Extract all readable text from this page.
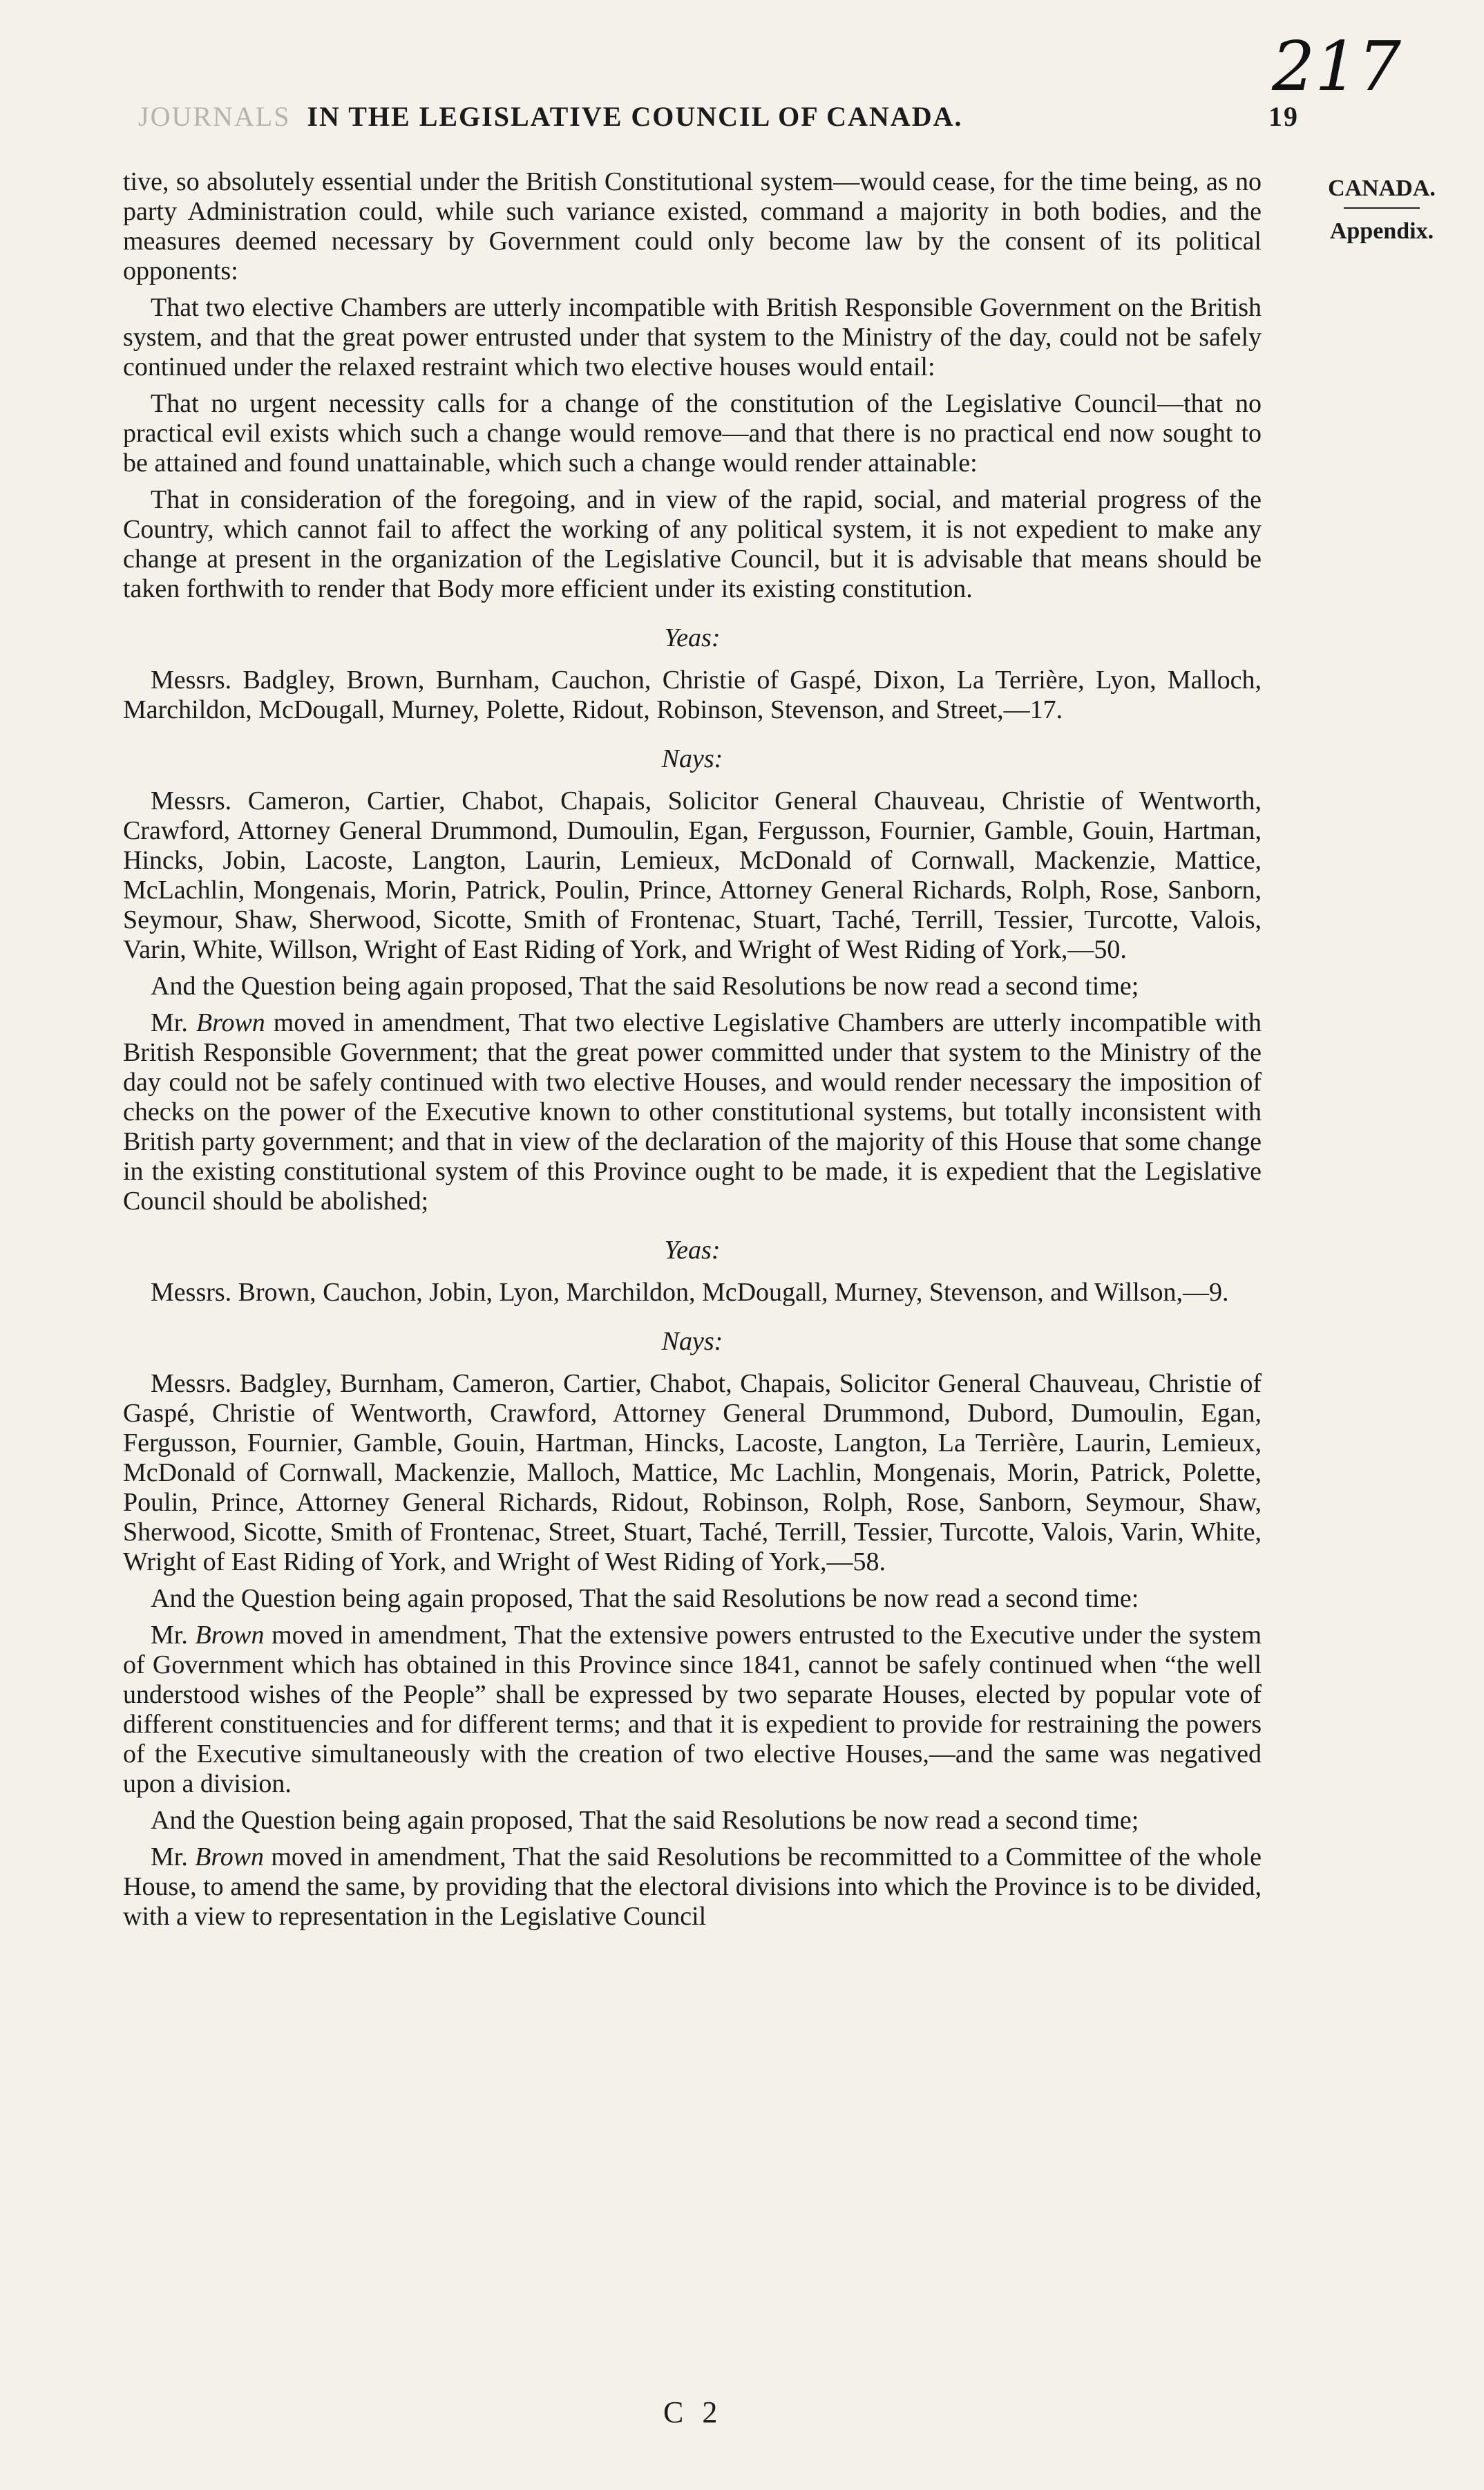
217
JOURNALS IN THE LEGISLATIVE COUNCIL OF CANADA.	19
CANADA.
Appendix.

tive, so absolutely essential under the British Constitutional system—would cease, for the time being, as no party Administration could, while such variance existed, command a majority in both bodies, and the measures deemed necessary by Government could only become law by the consent of its political opponents:

That two elective Chambers are utterly incompatible with British Responsible Government on the British system, and that the great power entrusted under that system to the Ministry of the day, could not be safely continued under the relaxed restraint which two elective houses would entail:

That no urgent necessity calls for a change of the constitution of the Legislative Council—that no practical evil exists which such a change would remove—and that there is no practical end now sought to be attained and found unattainable, which such a change would render attainable:

That in consideration of the foregoing, and in view of the rapid, social, and material progress of the Country, which cannot fail to affect the working of any political system, it is not expedient to make any change at present in the organization of the Legislative Council, but it is advisable that means should be taken forthwith to render that Body more efficient under its existing constitution.

Yeas:

Messrs. Badgley, Brown, Burnham, Cauchon, Christie of Gaspé, Dixon, La Terrière, Lyon, Malloch, Marchildon, McDougall, Murney, Polette, Ridout, Robinson, Stevenson, and Street,—17.

Nays:

Messrs. Cameron, Cartier, Chabot, Chapais, Solicitor General Chauveau, Christie of Wentworth, Crawford, Attorney General Drummond, Dumoulin, Egan, Fergusson, Fournier, Gamble, Gouin, Hartman, Hincks, Jobin, Lacoste, Langton, Laurin, Lemieux, McDonald of Cornwall, Mackenzie, Mattice, McLachlin, Mongenais, Morin, Patrick, Poulin, Prince, Attorney General Richards, Rolph, Rose, Sanborn, Seymour, Shaw, Sherwood, Sicotte, Smith of Frontenac, Stuart, Taché, Terrill, Tessier, Turcotte, Valois, Varin, White, Willson, Wright of East Riding of York, and Wright of West Riding of York,—50.

And the Question being again proposed, That the said Resolutions be now read a second time;

Mr. Brown moved in amendment, That two elective Legislative Chambers are utterly incompatible with British Responsible Government; that the great power committed under that system to the Ministry of the day could not be safely continued with two elective Houses, and would render necessary the imposition of checks on the power of the Executive known to other constitutional systems, but totally inconsistent with British party government; and that in view of the declaration of the majority of this House that some change in the existing constitutional system of this Province ought to be made, it is expedient that the Legislative Council should be abolished;

Yeas:

Messrs. Brown, Cauchon, Jobin, Lyon, Marchildon, McDougall, Murney, Stevenson, and Willson,—9.

Nays:

Messrs. Badgley, Burnham, Cameron, Cartier, Chabot, Chapais, Solicitor General Chauveau, Christie of Gaspé, Christie of Wentworth, Crawford, Attorney General Drummond, Dubord, Dumoulin, Egan, Fergusson, Fournier, Gamble, Gouin, Hartman, Hincks, Lacoste, Langton, La Terrière, Laurin, Lemieux, McDonald of Cornwall, Mackenzie, Malloch, Mattice, Mc Lachlin, Mongenais, Morin, Patrick, Polette, Poulin, Prince, Attorney General Richards, Ridout, Robinson, Rolph, Rose, Sanborn, Seymour, Shaw, Sherwood, Sicotte, Smith of Frontenac, Street, Stuart, Taché, Terrill, Tessier, Turcotte, Valois, Varin, White, Wright of East Riding of York, and Wright of West Riding of York,—58.

And the Question being again proposed, That the said Resolutions be now read a second time:

Mr. Brown moved in amendment, That the extensive powers entrusted to the Executive under the system of Government which has obtained in this Province since 1841, cannot be safely continued when “the well understood wishes of the People” shall be expressed by two separate Houses, elected by popular vote of different constituencies and for different terms; and that it is expedient to provide for restraining the powers of the Executive simultaneously with the creation of two elective Houses,—and the same was negatived upon a division.

And the Question being again proposed, That the said Resolutions be now read a second time;

Mr. Brown moved in amendment, That the said Resolutions be recommitted to a Committee of the whole House, to amend the same, by providing that the electoral divisions into which the Province is to be divided, with a view to representation in the Legislative Council

C 2
